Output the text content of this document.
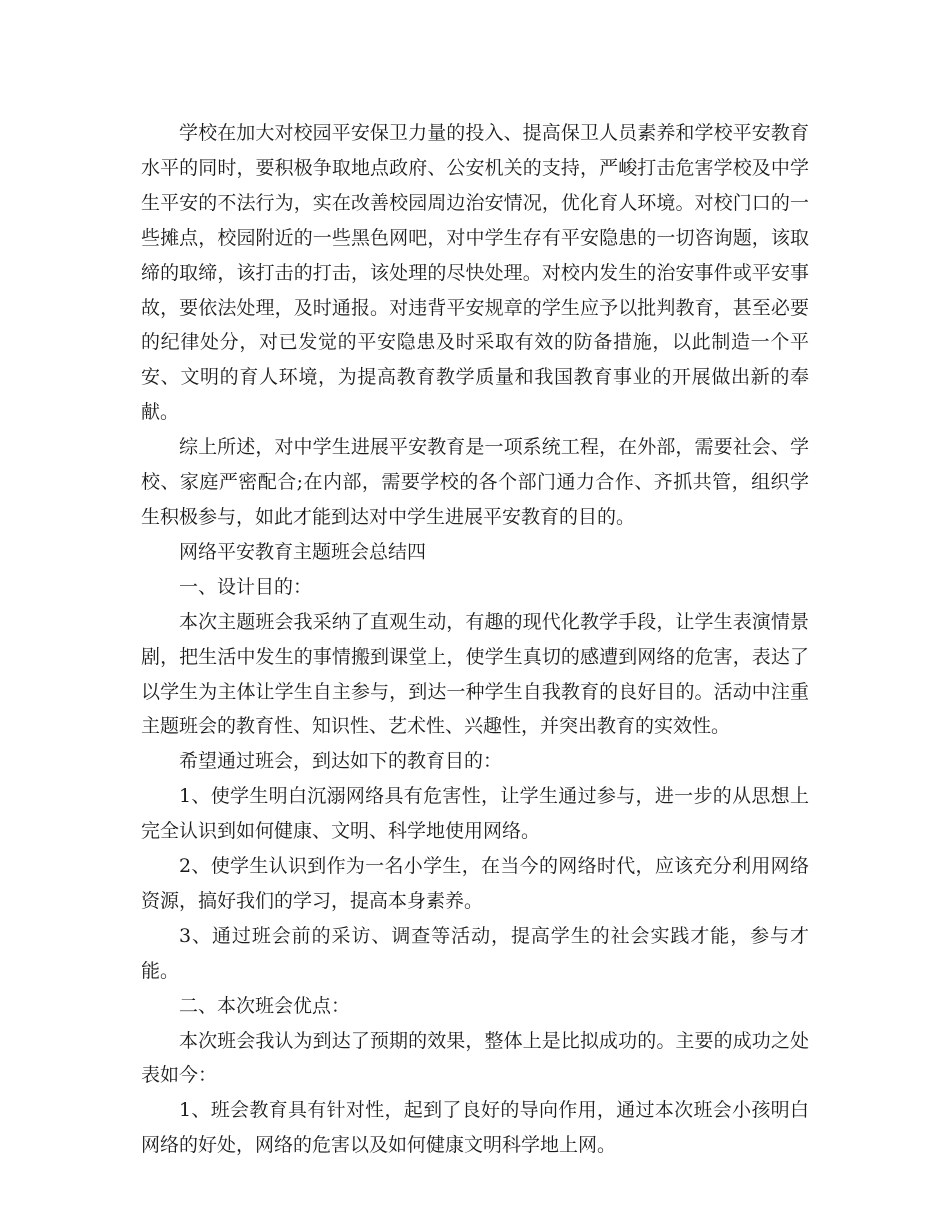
学校在加大对校园平安保卫力量的投入、提高保卫人员素养和学校平安教育水平的同时，要积极争取地点政府、公安机关的支持，严峻打击危害学校及中学生平安的不法行为，实在改善校园周边治安情况，优化育人环境。对校门口的一些摊点，校园附近的一些黑色网吧，对中学生存有平安隐患的一切咨询题，该取缔的取缔，该打击的打击，该处理的尽快处理。对校内发生的治安事件或平安事故，要依法处理，及时通报。对违背平安规章的学生应予以批判教育，甚至必要的纪律处分，对已发觉的平安隐患及时采取有效的防备措施，以此制造一个平安、文明的育人环境，为提高教育教学质量和我国教育事业的开展做出新的奉献。

综上所述，对中学生进展平安教育是一项系统工程，在外部，需要社会、学校、家庭严密配合;在内部，需要学校的各个部门通力合作、齐抓共管，组织学生积极参与，如此才能到达对中学生进展平安教育的目的。

网络平安教育主题班会总结四

一、设计目的：

本次主题班会我采纳了直观生动，有趣的现代化教学手段，让学生表演情景剧，把生活中发生的事情搬到课堂上，使学生真切的感遭到网络的危害，表达了以学生为主体让学生自主参与，到达一种学生自我教育的良好目的。活动中注重主题班会的教育性、知识性、艺术性、兴趣性，并突出教育的实效性。

希望通过班会，到达如下的教育目的：

1、使学生明白沉溺网络具有危害性，让学生通过参与，进一步的从思想上完全认识到如何健康、文明、科学地使用网络。

2、使学生认识到作为一名小学生，在当今的网络时代，应该充分利用网络资源，搞好我们的学习，提高本身素养。

3、通过班会前的采访、调查等活动，提高学生的社会实践才能，参与才能。

二、本次班会优点：

本次班会我认为到达了预期的效果，整体上是比拟成功的。主要的成功之处表如今：

1、班会教育具有针对性，起到了良好的导向作用，通过本次班会小孩明白网络的好处，网络的危害以及如何健康文明科学地上网。
